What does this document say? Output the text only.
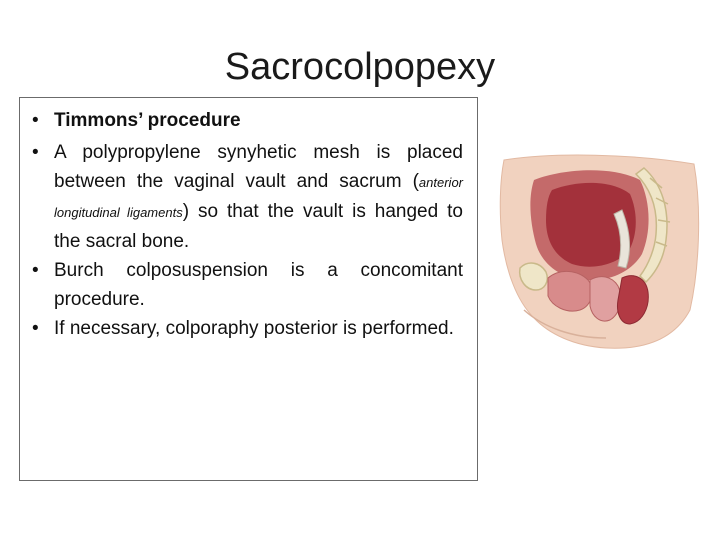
Sacrocolpopexy
• Timmons’ procedure
• A polypropylene synyhetic mesh is placed between the vaginal vault and sacrum (anterior longitudinal ligaments) so that the vault is hanged to the sacral bone.
• Burch colposuspension is a concomitant procedure.
• If necessary, colporaphy posterior is performed.
